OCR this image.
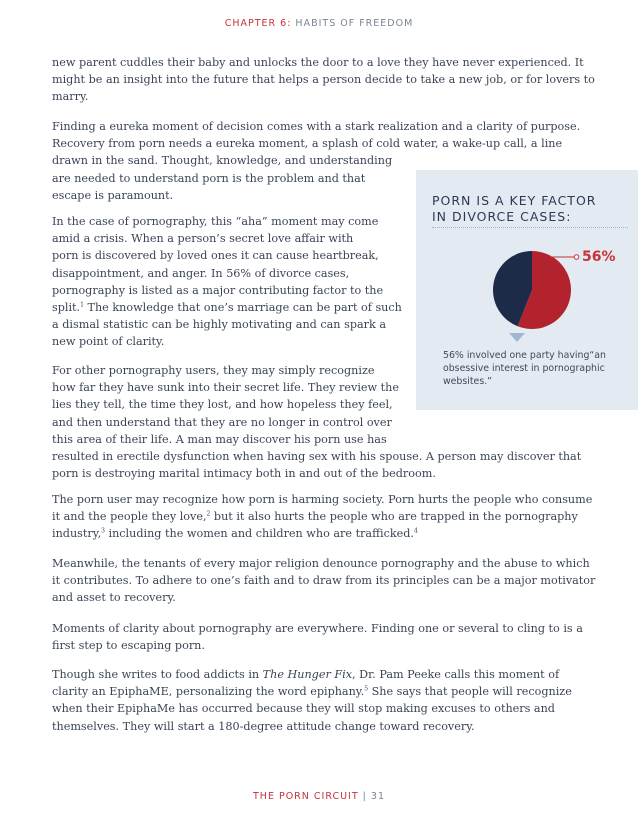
CHAPTER 6: HABITS OF FREEDOM

new parent cuddles their baby and unlocks the door to a love they have never experienced. It

might be an insight into the future that helps a person decide to take a new job, or for lovers to

marry.

Finding a eureka moment of decision comes with a stark realization and a clarity of purpose.

Recovery from porn needs a eureka moment, a splash of cold water, a wake-up call, a line

drawn in the sand. Thought, knowledge, and understanding

are needed to understand porn is the problem and that

escape is paramount.

In the case of pornography, this “aha” moment may come

amid a crisis. When a person’s secret love affair with

porn is discovered by loved ones it can cause heartbreak,

disappointment, and anger. In 56% of divorce cases,

pornography is listed as a major contributing factor to the

split.$^1$ The knowledge that one’s marriage can be part of such

a dismal statistic can be highly motivating and can spark a

new point of clarity.

For other pornography users, they may simply recognize

how far they have sunk into their secret life. They review the

lies they tell, the time they lost, and how hopeless they feel,

and then understand that they are no longer in control over

this area of their life. A man may discover his porn use has

resulted in erectile dysfunction when having sex with his spouse. A person may discover that

porn is destroying marital intimacy both in and out of the bedroom.

The porn user may recognize how porn is harming society. Porn hurts the people who consume

it and the people they love,$^2$ but it also hurts the people who are trapped in the pornography

industry,$^3$ including the women and children who are trafficked.$^4$

Meanwhile, the tenants of every major religion denounce pornography and the abuse to which

it contributes. To adhere to one’s faith and to draw from its principles can be a major motivator

and asset to recovery.

Moments of clarity about pornography are everywhere. Finding one or several to cling to is a

first step to escaping porn.

Though she writes to food addicts in The Hunger Fix, Dr. Pam Peeke calls this moment of

clarity an EpiphaME, personalizing the word epiphany.$^5$ She says that people will recognize

when their EpiphaMe has occurred because they will stop making excuses to others and

themselves. They will start a 180-degree attitude change toward recovery.

PORN IS A KEY FACTOR
IN DIVORCE CASES:
56%
56% involved one party having“an
obsessive interest in pornographic
websites.”
THE PORN CIRCUIT | 31
